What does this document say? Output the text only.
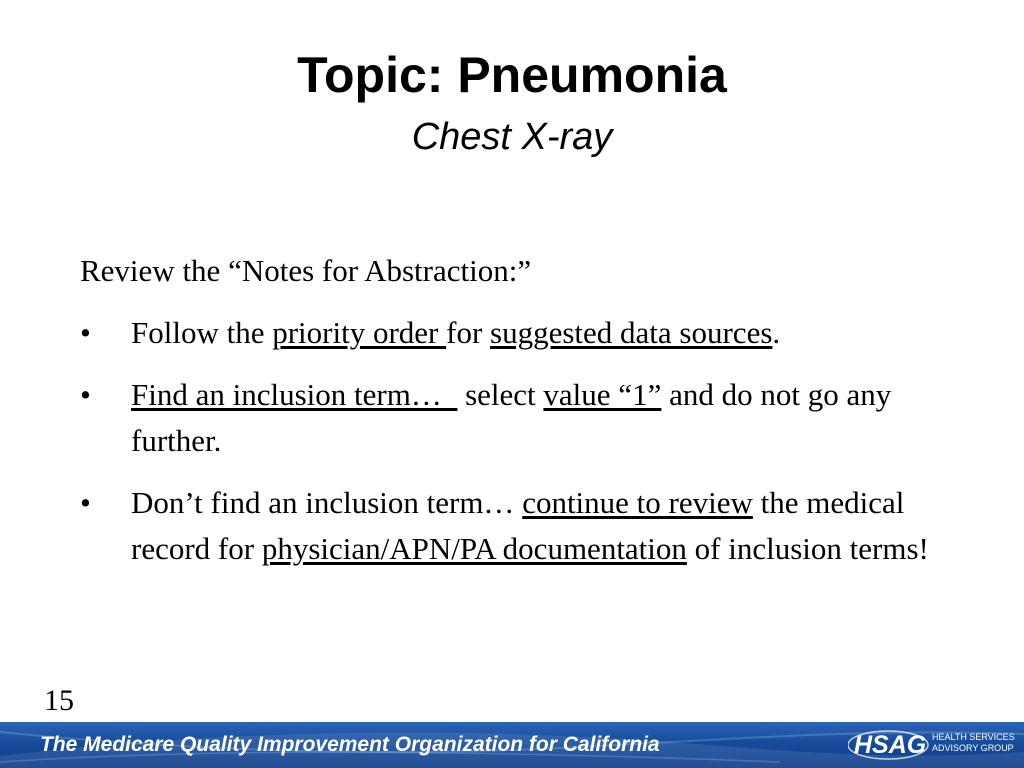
Topic: Pneumonia
Chest X-ray
Review the “Notes for Abstraction:”
• Follow the priority order for suggested data sources.
• Find an inclusion term…   select value “1” and do not go any further.
• Don’t find an inclusion term… continue to review the medical record for physician/APN/PA documentation of inclusion terms!
15
The Medicare Quality Improvement Organization for California	HSAG HEALTH SERVICES
ADVISORY GROUP
